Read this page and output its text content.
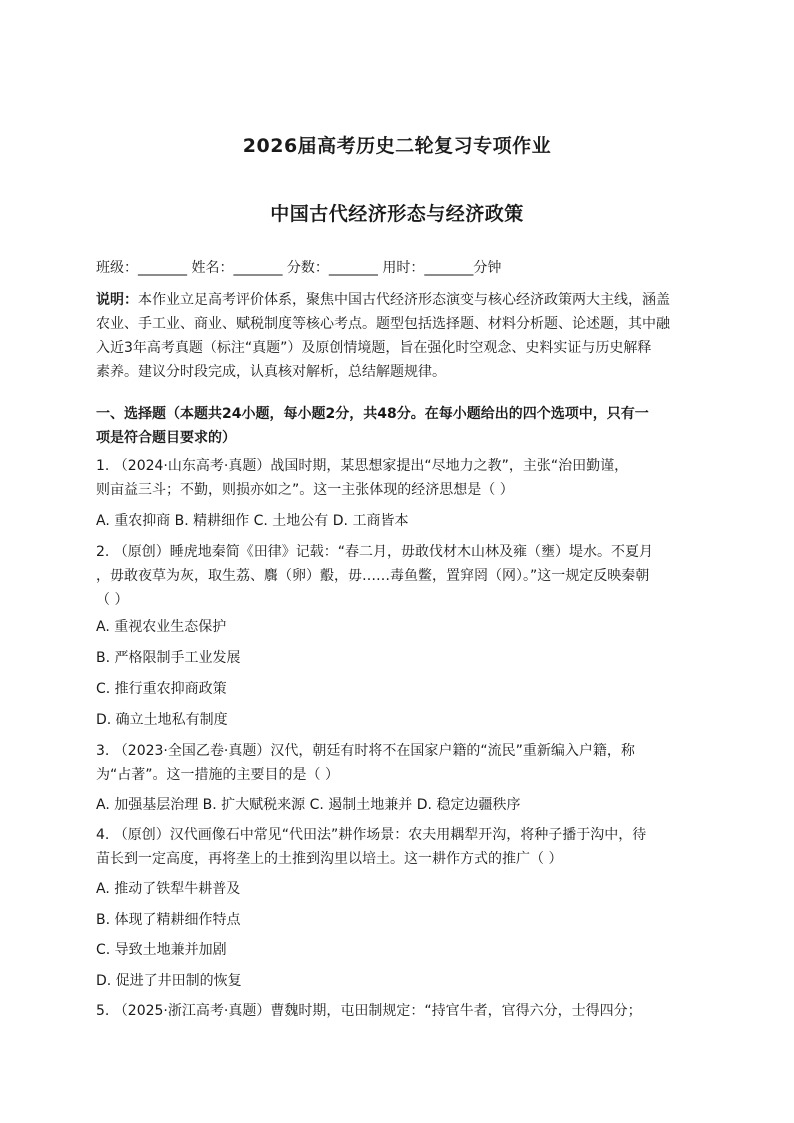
2026届高考历史二轮复习专项作业
中国古代经济形态与经济政策
班级：_______ 姓名：_______ 分数：_______ 用时：_______分钟
说明：本作业立足高考评价体系，聚焦中国古代经济形态演变与核心经济政策两大主线，涵盖
农业、手工业、商业、赋税制度等核心考点。题型包括选择题、材料分析题、论述题，其中融
入近3年高考真题（标注“真题”）及原创情境题，旨在强化时空观念、史料实证与历史解释
素养。建议分时段完成，认真核对解析，总结解题规律。
一、选择题（本题共24小题，每小题2分，共48分。在每小题给出的四个选项中，只有一
项是符合题目要求的）
1. （2024·山东高考·真题）战国时期，某思想家提出“尽地力之教”，主张“治田勤谨，
则亩益三斗；不勤，则损亦如之”。这一主张体现的经济思想是（ ）
A. 重农抑商 B. 精耕细作 C. 土地公有 D. 工商皆本
2. （原创）睡虎地秦简《田律》记载：“春二月，毋敢伐材木山林及雍（壅）堤水。不夏月
，毋敢夜草为灰，取生荔、麛（卵）鷇，毋……毒鱼鳖，置穽罔（网）。”这一规定反映秦朝
（ ）
A. 重视农业生态保护
B. 严格限制手工业发展
C. 推行重农抑商政策
D. 确立土地私有制度
3. （2023·全国乙卷·真题）汉代，朝廷有时将不在国家户籍的“流民”重新编入户籍，称
为“占著”。这一措施的主要目的是（ ）
A. 加强基层治理 B. 扩大赋税来源 C. 遏制土地兼并 D. 稳定边疆秩序
4. （原创）汉代画像石中常见“代田法”耕作场景：农夫用耦犁开沟，将种子播于沟中，待
苗长到一定高度，再将垄上的土推到沟里以培土。这一耕作方式的推广（ ）
A. 推动了铁犁牛耕普及
B. 体现了精耕细作特点
C. 导致土地兼并加剧
D. 促进了井田制的恢复
5. （2025·浙江高考·真题）曹魏时期，屯田制规定：“持官牛者，官得六分，士得四分；
